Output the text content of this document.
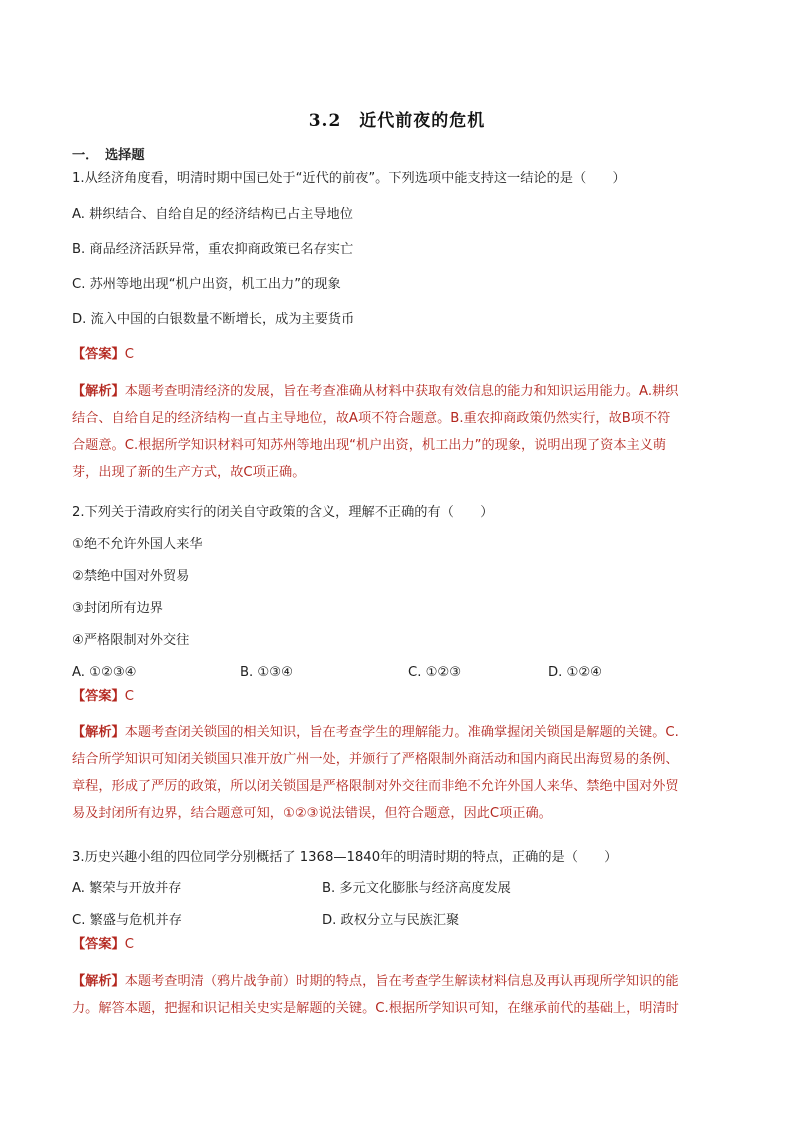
3.2　近代前夜的危机
一．　选择题
1.从经济角度看，明清时期中国已处于“近代的前夜”。下列选项中能支持这一结论的是（　　）
A. 耕织结合、自给自足的经济结构已占主导地位
B. 商品经济活跃异常，重农抑商政策已名存实亡
C. 苏州等地出现“机户出资，机工出力”的现象
D. 流入中国的白银数量不断增长，成为主要货币
【答案】C
【解析】本题考查明清经济的发展，旨在考查准确从材料中获取有效信息的能力和知识运用能力。A.耕织
结合、自给自足的经济结构一直占主导地位，故A项不符合题意。B.重农抑商政策仍然实行，故B项不符
合题意。C.根据所学知识材料可知苏州等地出现“机户出资，机工出力”的现象，说明出现了资本主义萌
芽，出现了新的生产方式，故C项正确。
2.下列关于清政府实行的闭关自守政策的含义，理解不正确的有（　　）
①绝不允许外国人来华
②禁绝中国对外贸易
③封闭所有边界
④严格限制对外交往
A. ①②③④	B. ①③④	C. ①②③	D. ①②④
【答案】C
【解析】本题考查闭关锁国的相关知识，旨在考查学生的理解能力。准确掌握闭关锁国是解题的关键。C.
结合所学知识可知闭关锁国只准开放广州一处，并颁行了严格限制外商活动和国内商民出海贸易的条例、
章程，形成了严厉的政策，所以闭关锁国是严格限制对外交往而非绝不允许外国人来华、禁绝中国对外贸
易及封闭所有边界，结合题意可知，①②③说法错误，但符合题意，因此C项正确。
3.历史兴趣小组的四位同学分别概括了 1368—1840年的明清时期的特点，正确的是（　　）
A. 繁荣与开放并存	B. 多元文化膨胀与经济高度发展
C. 繁盛与危机并存	D. 政权分立与民族汇聚
【答案】C
【解析】本题考查明清（鸦片战争前）时期的特点，旨在考查学生解读材料信息及再认再现所学知识的能
力。解答本题，把握和识记相关史实是解题的关键。C.根据所学知识可知，在继承前代的基础上，明清时
